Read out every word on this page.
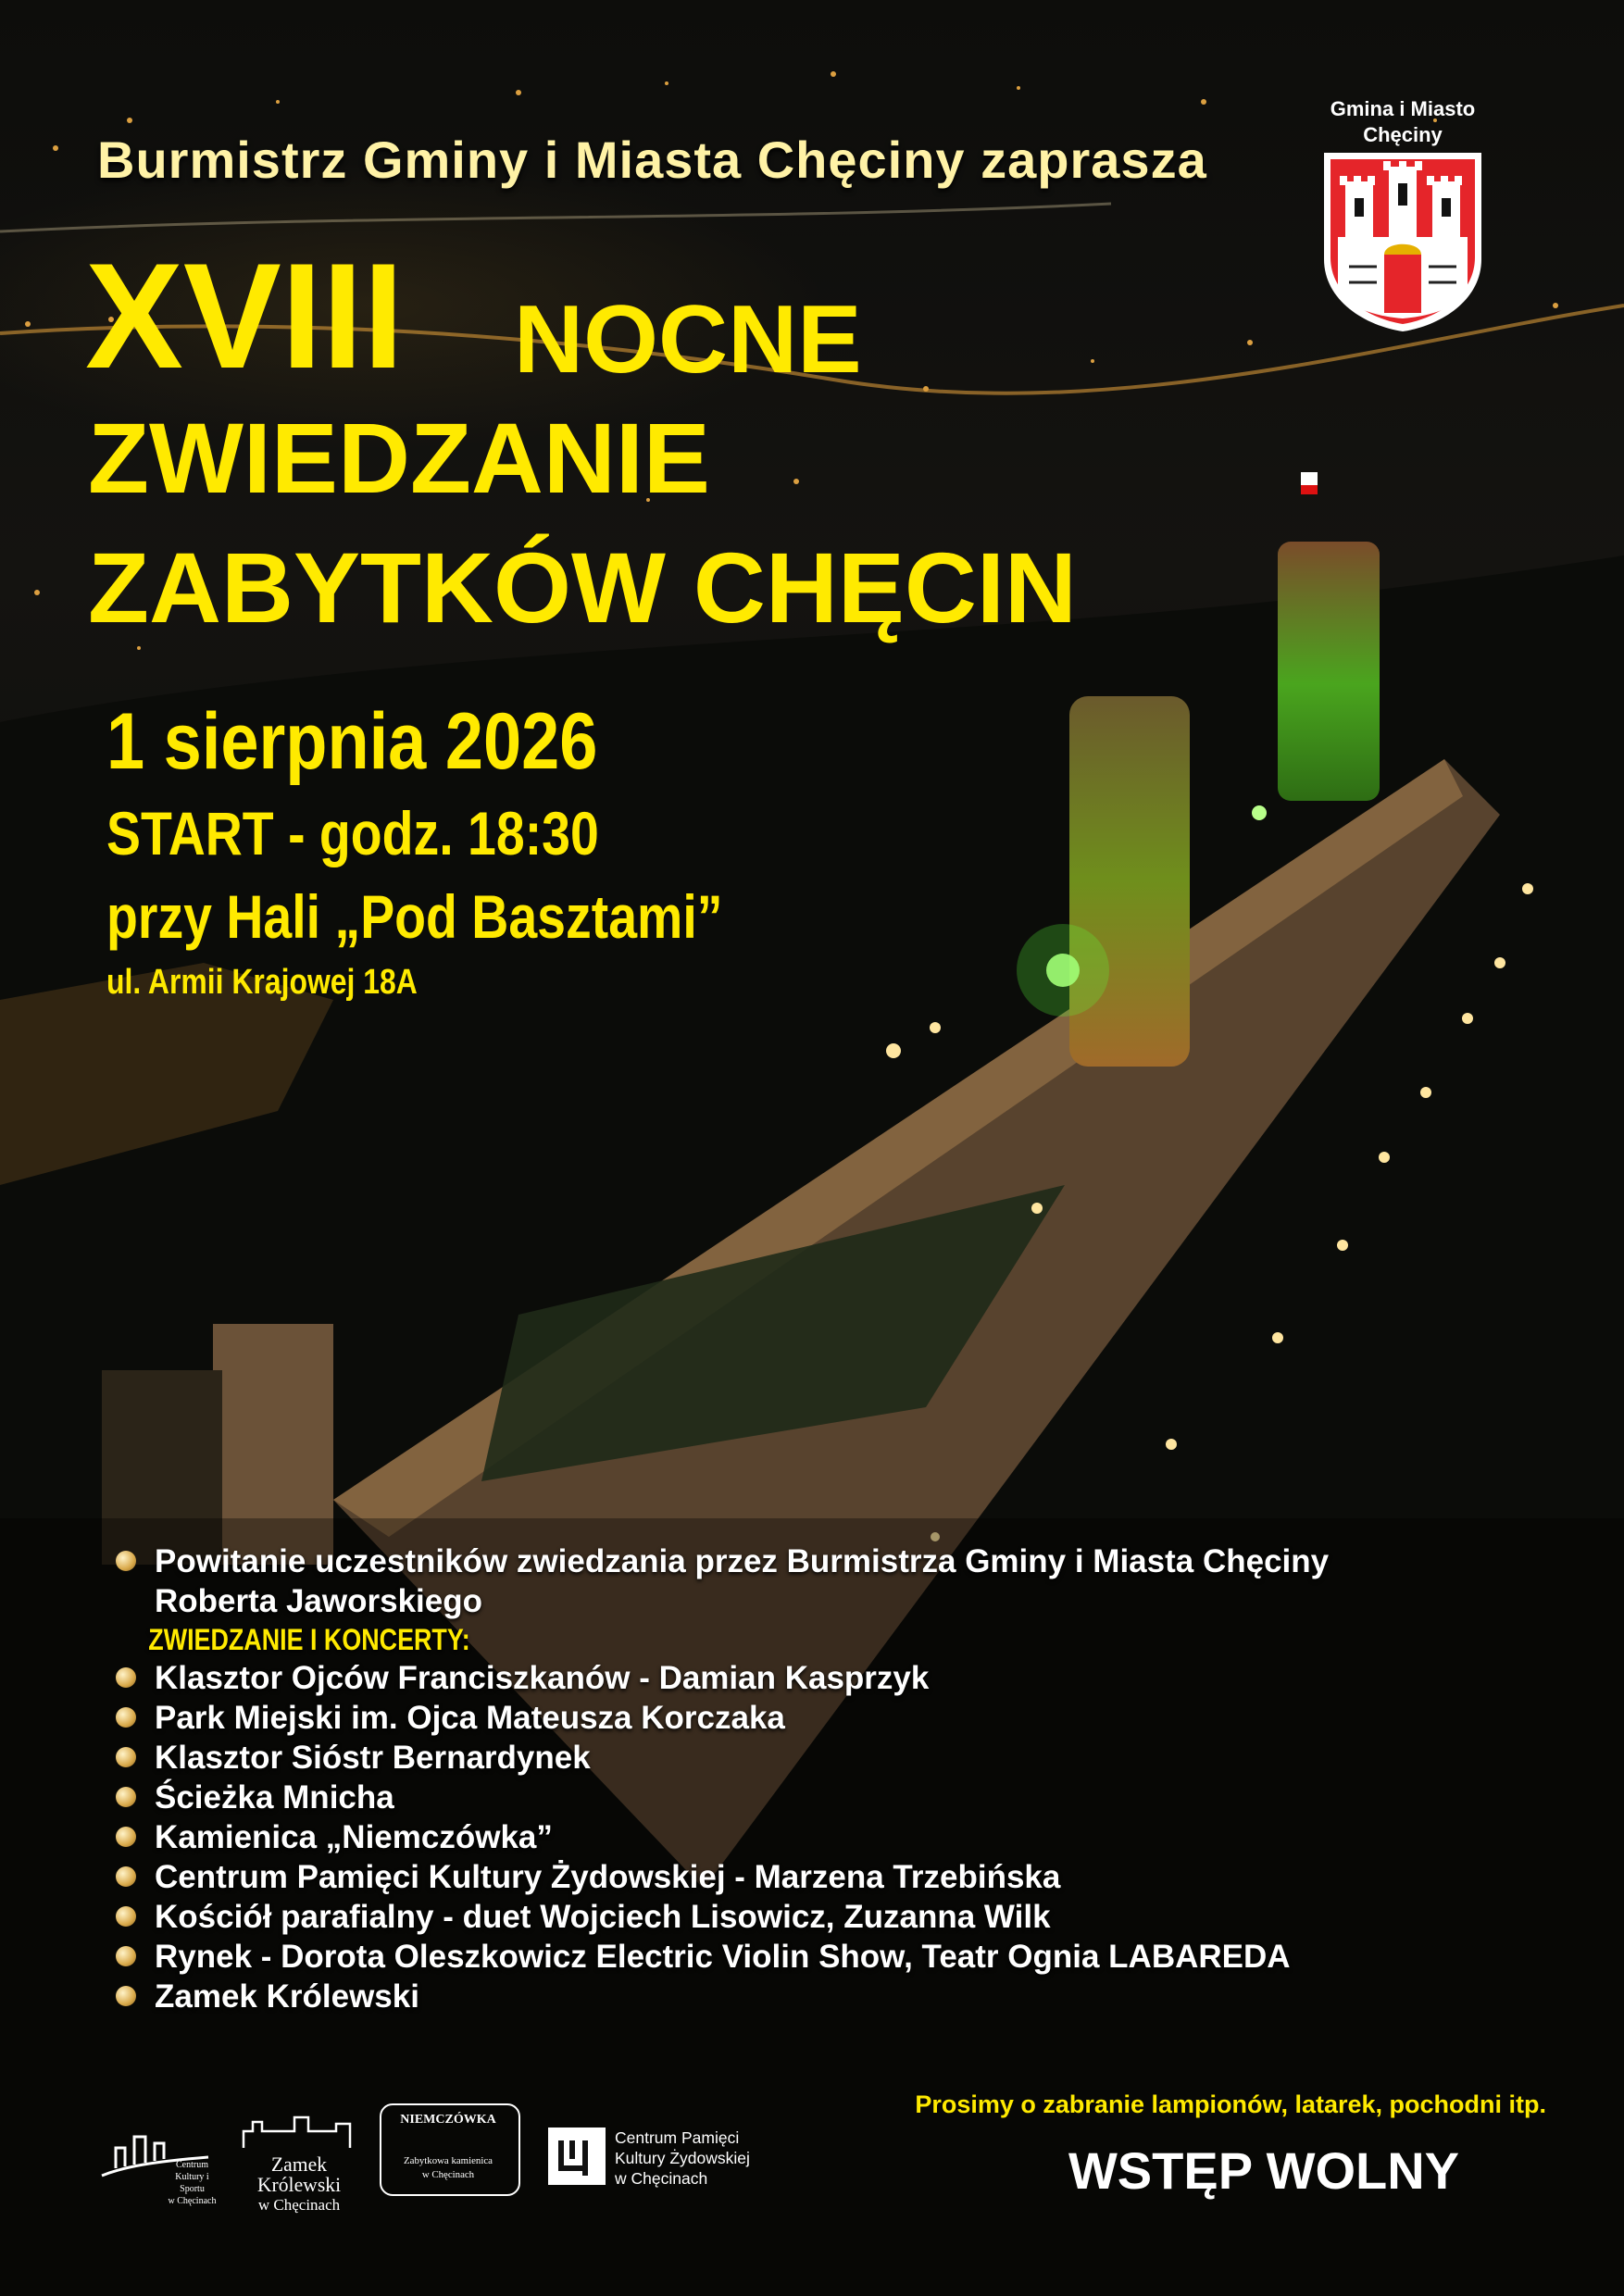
Burmistrz Gminy i Miasta Chęciny zaprasza
Gmina i Miasto
Chęciny
XVIII NOCNE
ZWIEDZANIE
ZABYTKÓW CHĘCIN
1 sierpnia 2026
START - godz. 18:30
przy Hali „Pod Basztami”
ul. Armii Krajowej 18A
Powitanie uczestników zwiedzania przez Burmistrza Gminy i Miasta Chęciny
Roberta Jaworskiego
ZWIEDZANIE I KONCERTY:
Klasztor Ojców Franciszkanów - Damian Kasprzyk
Park Miejski im. Ojca Mateusza Korczaka
Klasztor Sióstr Bernardynek
Ścieżka Mnicha
Kamienica „Niemczówka”
Centrum Pamięci Kultury Żydowskiej - Marzena Trzebińska
Kościół parafialny - duet Wojciech Lisowicz, Zuzanna Wilk
Rynek - Dorota Oleszkowicz Electric Violin Show, Teatr Ognia LABAREDA
Zamek Królewski
Prosimy o zabranie lampionów, latarek, pochodni itp.
WSTĘP WOLNY
Centrum
Kultury i Sportu
w Chęcinach
Zamek
Królewski
w Chęcinach
NIEMCZÓWKA
Zabytkowa kamienica
w Chęcinach
Centrum Pamięci
Kultury Żydowskiej
w Chęcinach
